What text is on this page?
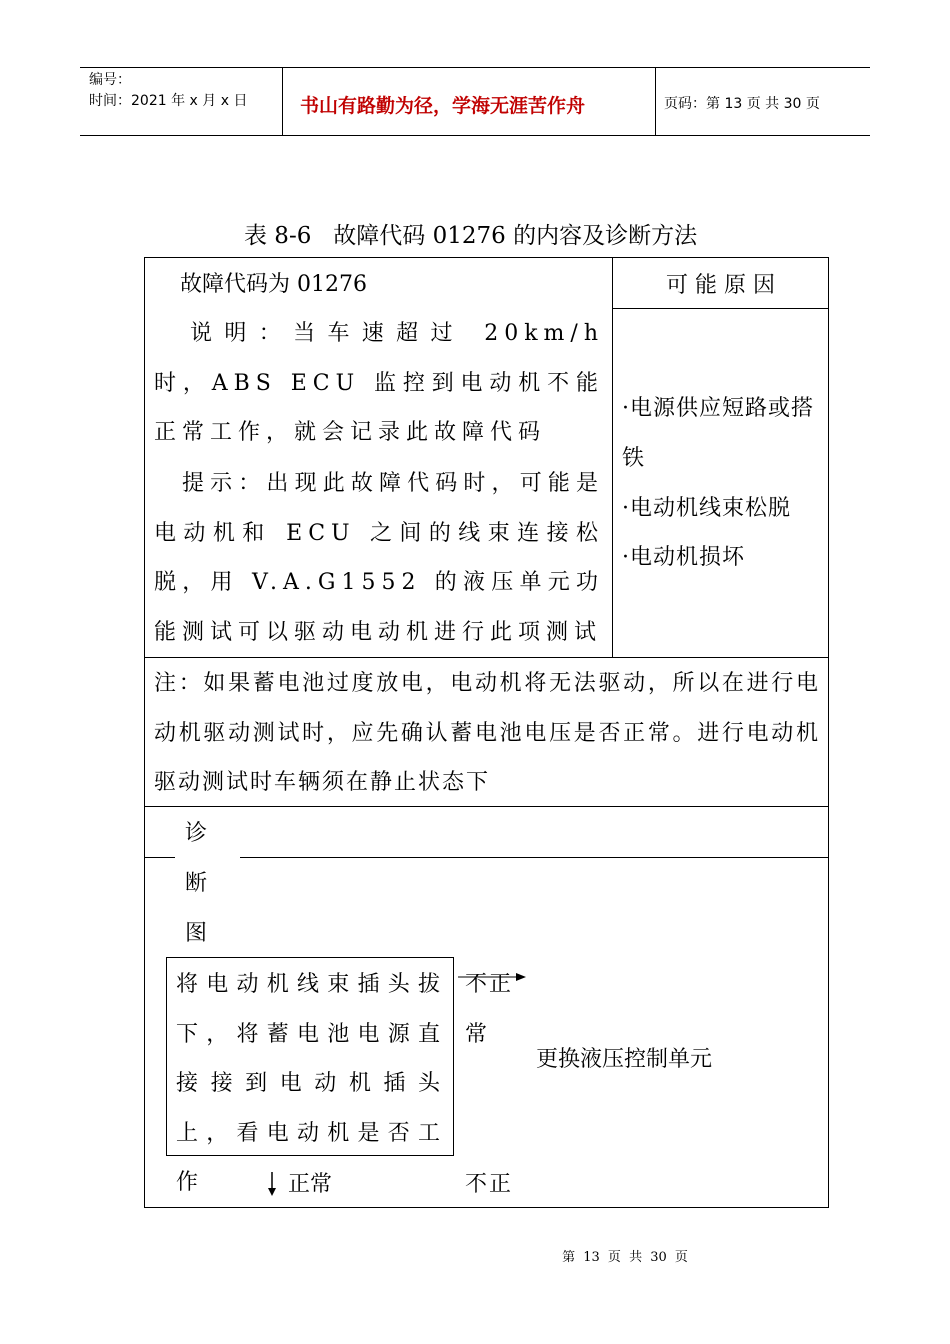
编号：
时间：2021 年 x 月 x 日	书山有路勤为径，学海无涯苦作舟	页码：第 13 页 共 30 页
表 8-6   故障代码 01276 的内容及诊断方法
故障代码为 01276
说明：当车速超过 20km/h 时，ABS ECU 监控到电动机不能正常工作，就会记录此故障代码
提示：出现此故障代码时，可能是电动机和 ECU 之间的线束连接松脱，用 V.A.G1552 的液压单元功能测试可以驱动电动机进行此项测试
可 能 原 因
·电源供应短路或搭铁
·电动机线束松脱
·电动机损坏
注：如果蓄电池过度放电，电动机将无法驱动，所以在进行电动机驱动测试时，应先确认蓄电池电压是否正常。进行电动机驱动测试时车辆须在静止状态下
诊
断
图
将电动机线束插头拔下，将蓄电池电源直接接到电动机插头上，看电动机是否工作
不正常
更换液压控制单元
正常	不正
第 13 页 共 30 页
